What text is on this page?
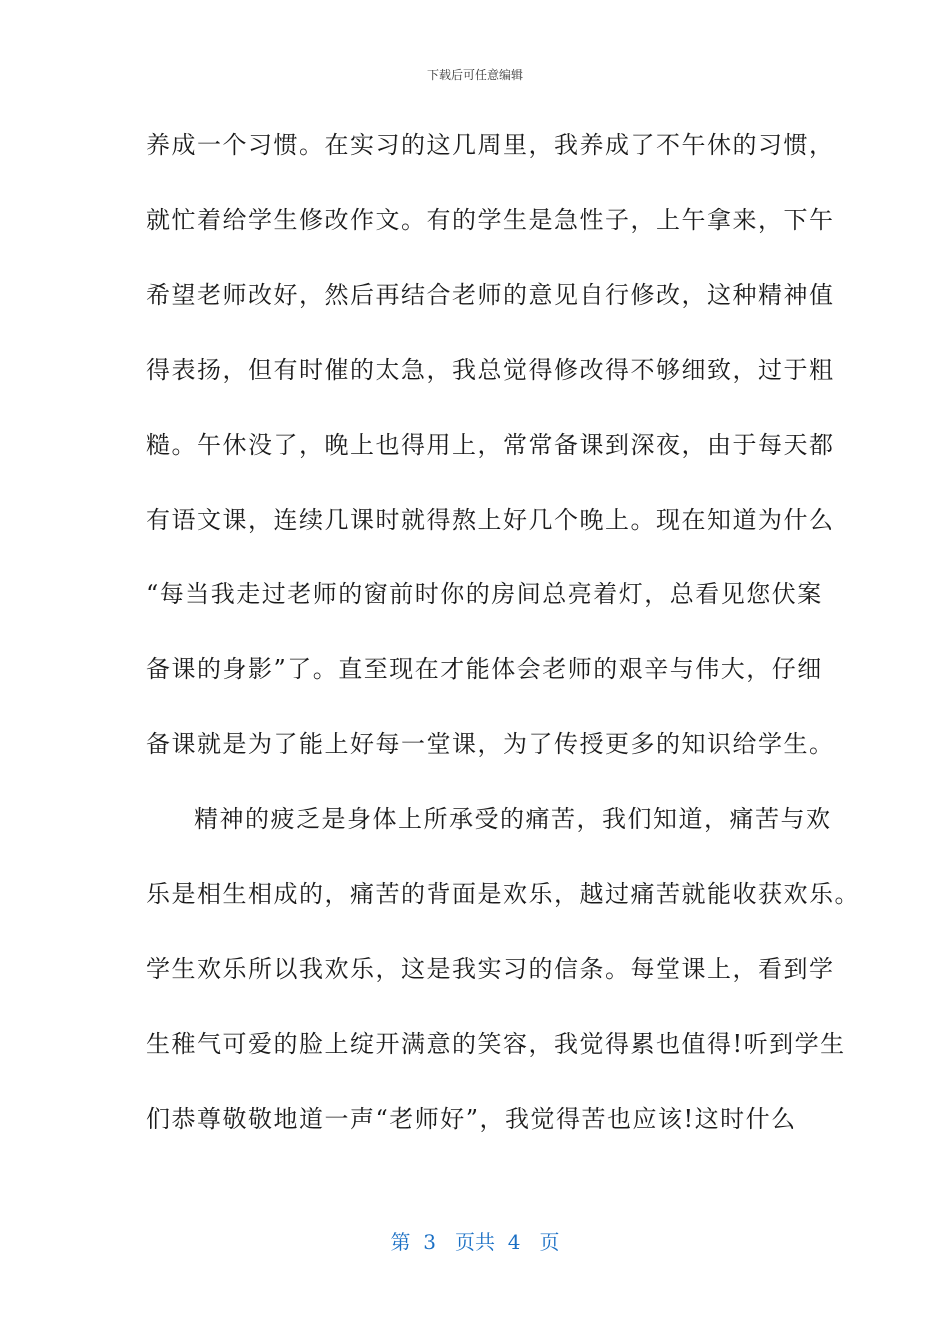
下载后可任意编辑
养成一个习惯。在实习的这几周里，我养成了不午休的习惯，
就忙着给学生修改作文。有的学生是急性子，上午拿来，下午
希望老师改好，然后再结合老师的意见自行修改，这种精神值
得表扬，但有时催的太急，我总觉得修改得不够细致，过于粗
糙。午休没了，晚上也得用上，常常备课到深夜，由于每天都
有语文课，连续几课时就得熬上好几个晚上。现在知道为什么
“每当我走过老师的窗前时你的房间总亮着灯，总看见您伏案
备课的身影”了。直至现在才能体会老师的艰辛与伟大，仔细
备课就是为了能上好每一堂课，为了传授更多的知识给学生。
精神的疲乏是身体上所承受的痛苦，我们知道，痛苦与欢
乐是相生相成的，痛苦的背面是欢乐，越过痛苦就能收获欢乐。
学生欢乐所以我欢乐，这是我实习的信条。每堂课上，看到学
生稚气可爱的脸上绽开满意的笑容，我觉得累也值得!听到学生
们恭尊敬敬地道一声“老师好”，我觉得苦也应该!这时什么
第  3   页共  4   页
